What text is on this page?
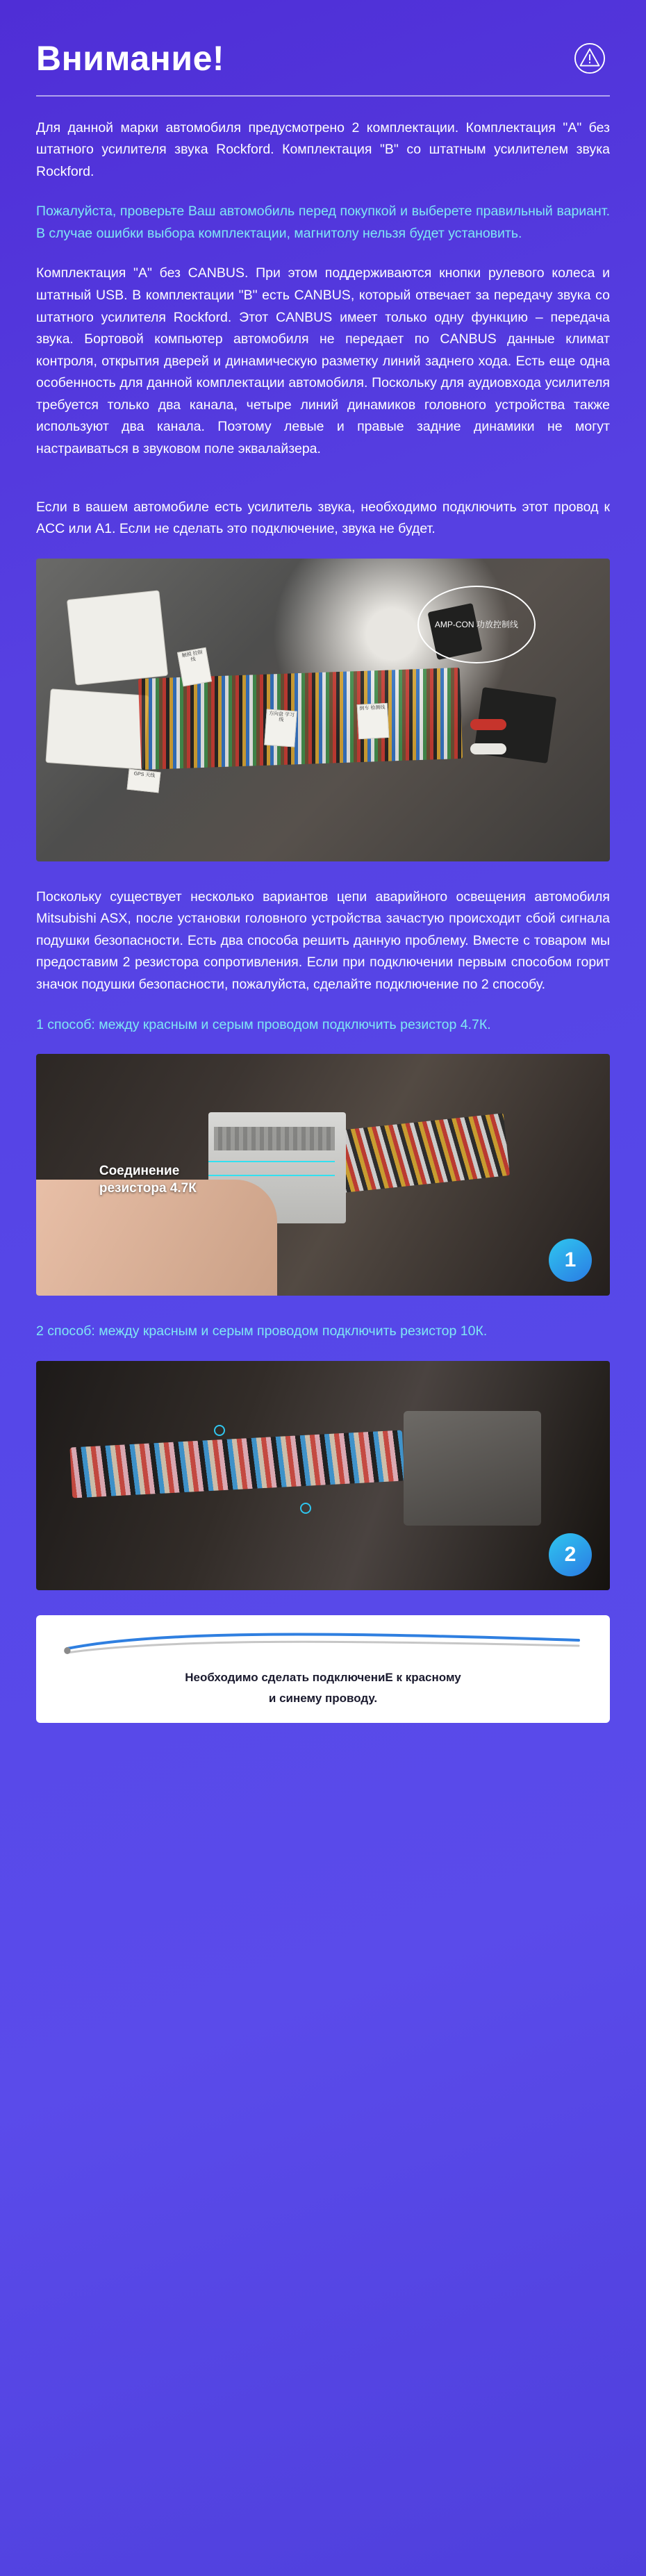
Внимание!

Для данной марки автомобиля предусмотрено 2 комплектации. Комплектация "A" без штатного усилителя звука Rockford. Комплектация "B" со штатным усилителем звука Rockford.

Пожалуйста, проверьте Ваш автомобиль перед покупкой и выберете правильный вариант. В случае ошибки выбора комплектации, магнитолу нельзя будет установить.

Комплектация "A" без CANBUS. При этом поддерживаются кнопки рулевого колеса и штатный USB. В комплектации "B" есть CANBUS, который отвечает за передачу звука со штатного усилителя Rockford. Этот CANBUS имеет только одну функцию – передача звука. Бортовой компьютер автомобиля не передает по CANBUS данные климат контроля, открытия дверей и динамическую разметку линий заднего хода. Есть еще одна особенность для данной комплектации автомобиля. Поскольку для аудиовхода усилителя требуется только два канала, четыре линий динамиков головного устройства также используют два канала. Поэтому левые и правые задние динамики не могут настраиваться в звуковом поле эквалайзера.

Если в вашем автомобиле есть усилитель звука, необходимо подключить этот провод к ACC или A1. Если не сделать это подключение, звука не будет.

触摸 控制线
方向盘 学习线
倒车 检测线
GPS 天线
AMP-CON 功放控制线

Поскольку существует несколько вариантов цепи аварийного освещения автомобиля Mitsubishi ASX, после установки головного устройства зачастую происходит сбой сигнала подушки безопасности. Есть два способа решить данную проблему. Вместе с товаром мы предоставим 2 резистора сопротивления. Если при подключении первым способом горит значок подушки безопасности, пожалуйста, сделайте подключение по 2 способу.

1 способ: между красным и серым проводом подключить резистор 4.7К.

Соединение
резистора 4.7К
1

2 способ: между красным и серым проводом подключить резистор 10К.

2

Необходимо сделать подключениЕ к красному

и синему проводу.
